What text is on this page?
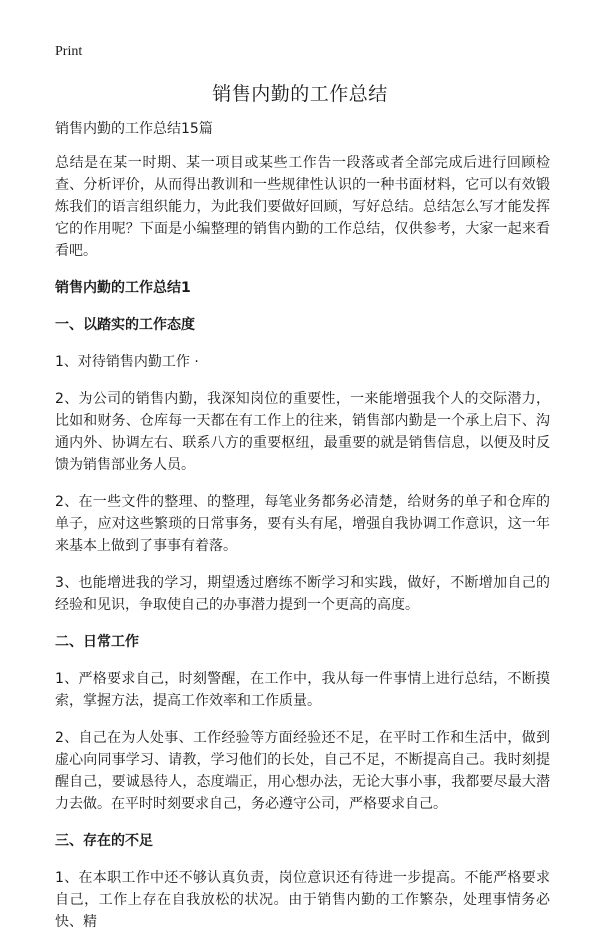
Print
销售内勤的工作总结

销售内勤的工作总结15篇

总结是在某一时期、某一项目或某些工作告一段落或者全部完成后进行回顾检查、分析评价，从而得出教训和一些规律性认识的一种书面材料，它可以有效锻炼我们的语言组织能力，为此我们要做好回顾，写好总结。总结怎么写才能发挥它的作用呢？下面是小编整理的销售内勤的工作总结，仅供参考，大家一起来看看吧。

销售内勤的工作总结1

一、以踏实的工作态度

1、对待销售内勤工作 ·

2、为公司的销售内勤，我深知岗位的重要性，一来能增强我个人的交际潜力，比如和财务、仓库每一天都在有工作上的往来，销售部内勤是一个承上启下、沟通内外、协调左右、联系八方的重要枢纽，最重要的就是销售信息，以便及时反馈为销售部业务人员。

2、在一些文件的整理、的整理，每笔业务都务必清楚，给财务的单子和仓库的单子，应对这些繁琐的日常事务，要有头有尾，增强自我协调工作意识，这一年来基本上做到了事事有着落。

3、也能增进我的学习，期望透过磨练不断学习和实践，做好，不断增加自己的经验和见识，争取使自己的办事潜力提到一个更高的高度。

二、日常工作

1、严格要求自己，时刻警醒，在工作中，我从每一件事情上进行总结，不断摸索，掌握方法，提高工作效率和工作质量。

2、自己在为人处事、工作经验等方面经验还不足，在平时工作和生活中，做到虚心向同事学习、请教，学习他们的长处，自己不足，不断提高自己。我时刻提醒自己，要诚恳待人，态度端正，用心想办法，无论大事小事，我都要尽最大潜力去做。在平时时刻要求自己，务必遵守公司，严格要求自己。

三、存在的不足

1、在本职工作中还不够认真负责，岗位意识还有待进一步提高。不能严格要求自己，工作上存在自我放松的状况。由于销售内勤的工作繁杂，处理事情务必快、精
